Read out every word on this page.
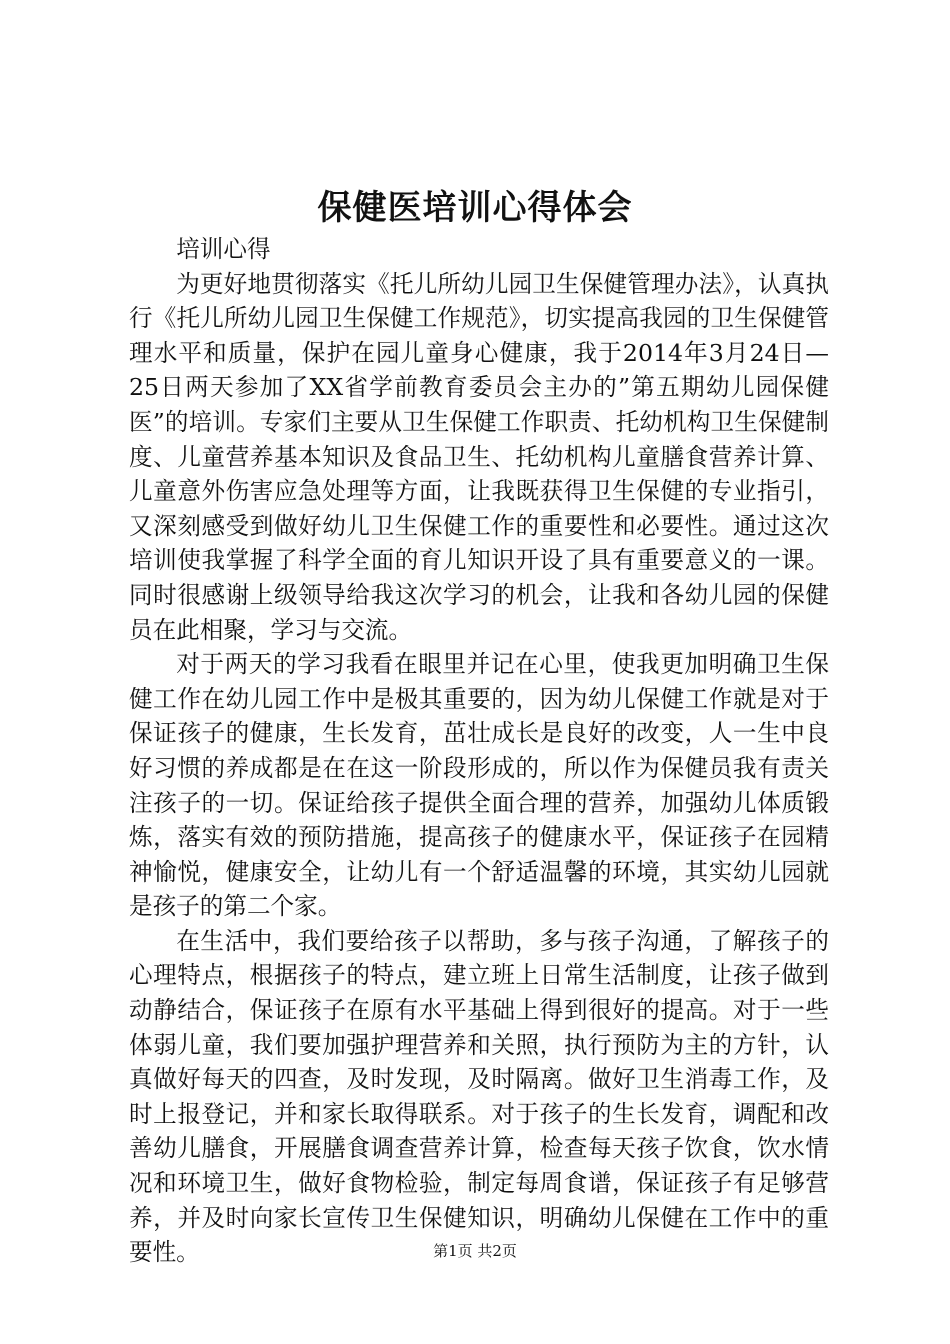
保健医培训心得体会

培训心得

为更好地贯彻落实《托儿所幼儿园卫生保健管理办法》，认真执行《托儿所幼儿园卫生保健工作规范》，切实提高我园的卫生保健管理水平和质量，保护在园儿童身心健康，我于2014年3月24日—25日两天参加了XX省学前教育委员会主办的”第五期幼儿园保健医”的培训。专家们主要从卫生保健工作职责、托幼机构卫生保健制度、儿童营养基本知识及食品卫生、托幼机构儿童膳食营养计算、儿童意外伤害应急处理等方面，让我既获得卫生保健的专业指引，又深刻感受到做好幼儿卫生保健工作的重要性和必要性。通过这次培训使我掌握了科学全面的育儿知识开设了具有重要意义的一课。同时很感谢上级领导给我这次学习的机会，让我和各幼儿园的保健员在此相聚，学习与交流。

对于两天的学习我看在眼里并记在心里，使我更加明确卫生保健工作在幼儿园工作中是极其重要的，因为幼儿保健工作就是对于保证孩子的健康，生长发育，茁壮成长是良好的改变，人一生中良好习惯的养成都是在在这一阶段形成的，所以作为保健员我有责关注孩子的一切。保证给孩子提供全面合理的营养，加强幼儿体质锻炼，落实有效的预防措施，提高孩子的健康水平，保证孩子在园精神愉悦，健康安全，让幼儿有一个舒适温馨的环境，其实幼儿园就是孩子的第二个家。

在生活中，我们要给孩子以帮助，多与孩子沟通，了解孩子的心理特点，根据孩子的特点，建立班上日常生活制度，让孩子做到动静结合，保证孩子在原有水平基础上得到很好的提高。对于一些体弱儿童，我们要加强护理营养和关照，执行预防为主的方针，认真做好每天的四查，及时发现，及时隔离。做好卫生消毒工作，及时上报登记，并和家长取得联系。对于孩子的生长发育，调配和改善幼儿膳食，开展膳食调查营养计算，检查每天孩子饮食，饮水情况和环境卫生，做好食物检验，制定每周食谱，保证孩子有足够营养，并及时向家长宣传卫生保健知识，明确幼儿保健在工作中的重要性。	第1页 共2页
